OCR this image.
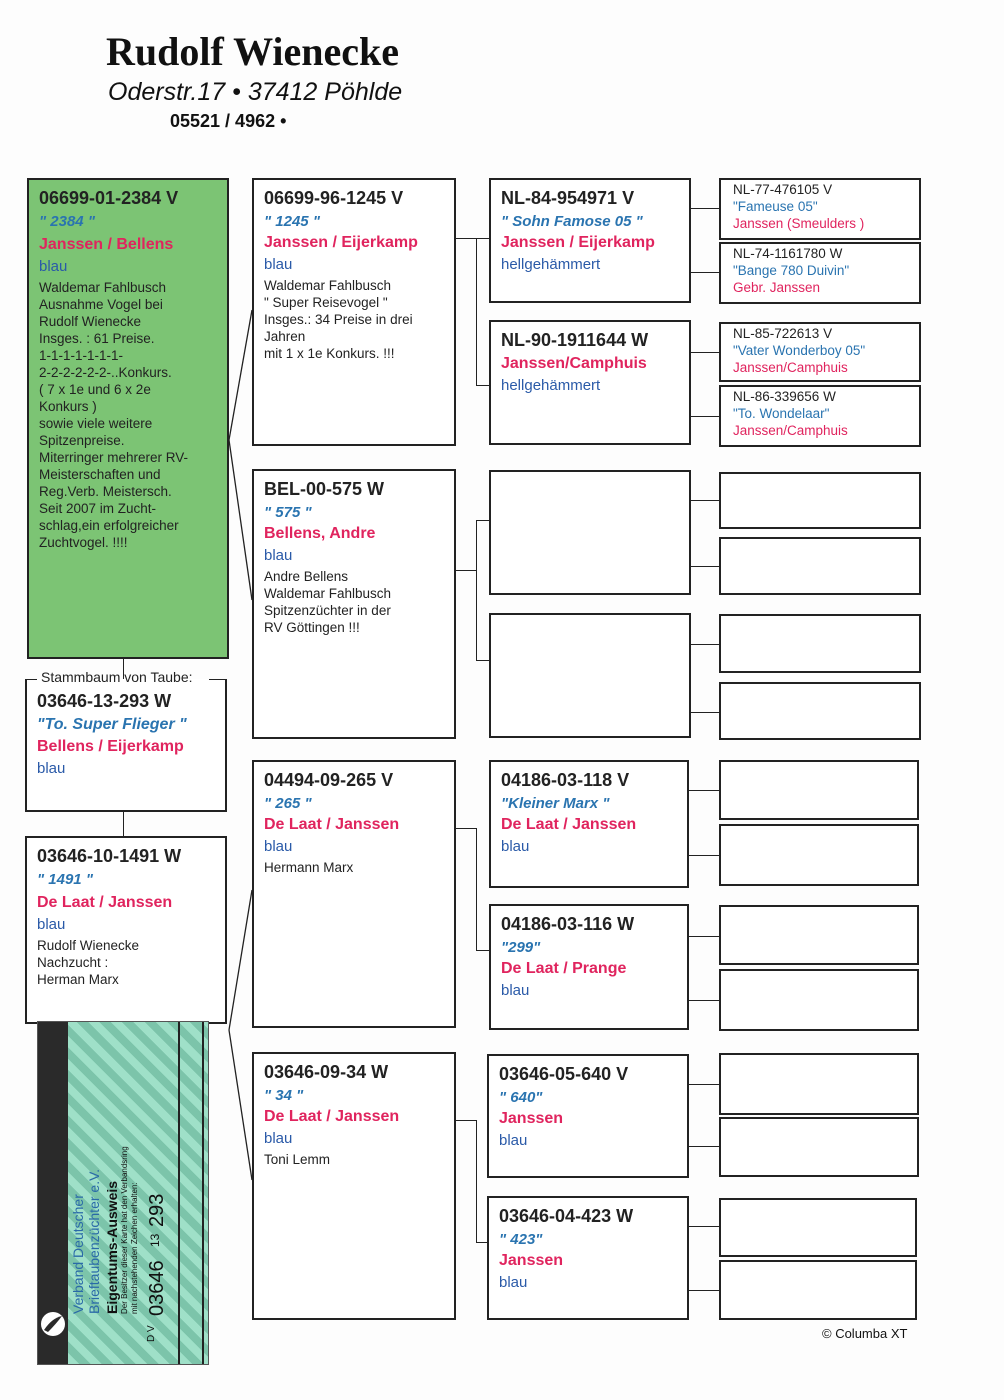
Rudolf Wienecke
Oderstr.17 • 37412 Pöhlde
05521 / 4962 •
06699-01-2384 V
" 2384 "
Janssen / Bellens
blau
Waldemar Fahlbusch
Ausnahme Vogel bei
Rudolf Wienecke
Insges. : 61 Preise.
1-1-1-1-1-1-1-
2-2-2-2-2-2-..Konkurs.
( 7 x 1e und 6 x 2e
Konkurs )
sowie viele weitere
Spitzenpreise.
Miterringer mehrerer RV-
Meisterschaften und
Reg.Verb. Meistersch.
Seit 2007 im Zucht-
schlag,ein erfolgreicher
Zuchtvogel. !!!!
Stammbaum von Taube:
03646-13-293 W
"To. Super Flieger "
Bellens / Eijerkamp
blau
03646-10-1491 W
" 1491 "
De Laat / Janssen
blau
Rudolf Wienecke
Nachzucht :
Herman Marx
06699-96-1245 V
" 1245 "
Janssen / Eijerkamp
blau
Waldemar Fahlbusch
" Super Reisevogel "
Insges.: 34 Preise in drei
Jahren
mit 1 x 1e Konkurs. !!!
BEL-00-575 W
" 575 "
Bellens, Andre
blau
Andre Bellens
Waldemar Fahlbusch
Spitzenzüchter in der
RV Göttingen !!!
04494-09-265 V
" 265 "
De Laat / Janssen
blau
Hermann Marx
03646-09-34 W
" 34 "
De Laat / Janssen
blau
Toni Lemm
NL-84-954971 V
" Sohn Famose 05 "
Janssen / Eijerkamp
hellgehämmert
NL-90-1911644 W
Janssen/Camphuis
hellgehämmert
04186-03-118 V
"Kleiner Marx "
De Laat / Janssen
blau
04186-03-116 W
"299"
De Laat / Prange
blau
03646-05-640 V
" 640"
Janssen
blau
03646-04-423 W
" 423"
Janssen
blau
NL-77-476105 V
"Fameuse 05"
Janssen (Smeulders )
NL-74-1161780 W
"Bange 780 Duivin"
Gebr. Janssen
NL-85-722613 V
"Vater Wonderboy 05"
Janssen/Camphuis
NL-86-339656 W
"To. Wondelaar"
Janssen/Camphuis
Verband Deutscher Brieftaubenzüchter e.V. Eigentums-Ausweis Der Besitzer dieser Karte hat den Verbandsring mit nachstehenden Zeichen erhalten:
D V
03646
13
293
© Columba XT
